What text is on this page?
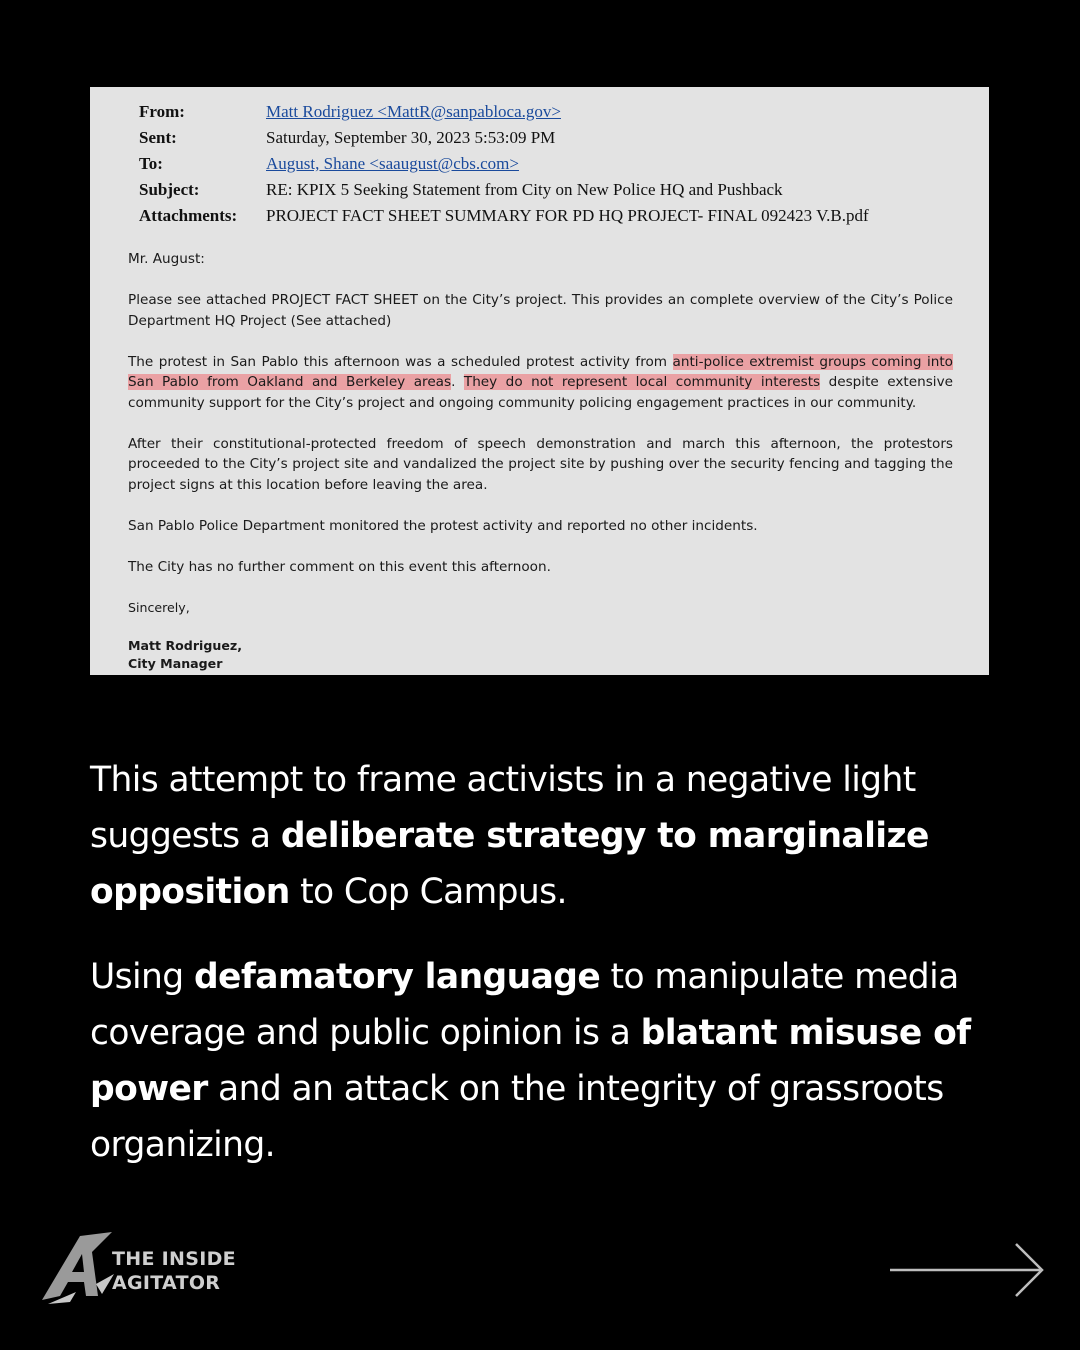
From:	Matt Rodriguez <MattR@sanpabloca.gov>
Sent:	Saturday, September 30, 2023 5:53:09 PM
To:	August, Shane <saaugust@cbs.com>
Subject:	RE: KPIX 5 Seeking Statement from City on New Police HQ and Pushback
Attachments:	PROJECT FACT SHEET SUMMARY FOR PD HQ PROJECT- FINAL 092423 V.B.pdf

Mr. August:

Please see attached PROJECT FACT SHEET on the City’s project. This provides an complete overview of the City’s Police Department HQ Project (See attached)

The protest in San Pablo this afternoon was a scheduled protest activity from anti-police extremist groups coming into San Pablo from Oakland and Berkeley areas. They do not represent local community interests despite extensive community support for the City’s project and ongoing community policing engagement practices in our community.

After their constitutional-protected freedom of speech demonstration and march this afternoon, the protestors proceeded to the City’s project site and vandalized the project site by pushing over the security fencing and tagging the project signs at this location before leaving the area.

San Pablo Police Department monitored the protest activity and reported no other incidents.

The City has no further comment on this event this afternoon.

Sincerely,

Matt Rodriguez,
City Manager

This attempt to frame activists in a negative light suggests a deliberate strategy to marginalize opposition to Cop Campus.

Using defamatory language to manipulate media coverage and public opinion is a blatant misuse of power and an attack on the integrity of grassroots organizing.

THE INSIDE
AGITATOR
